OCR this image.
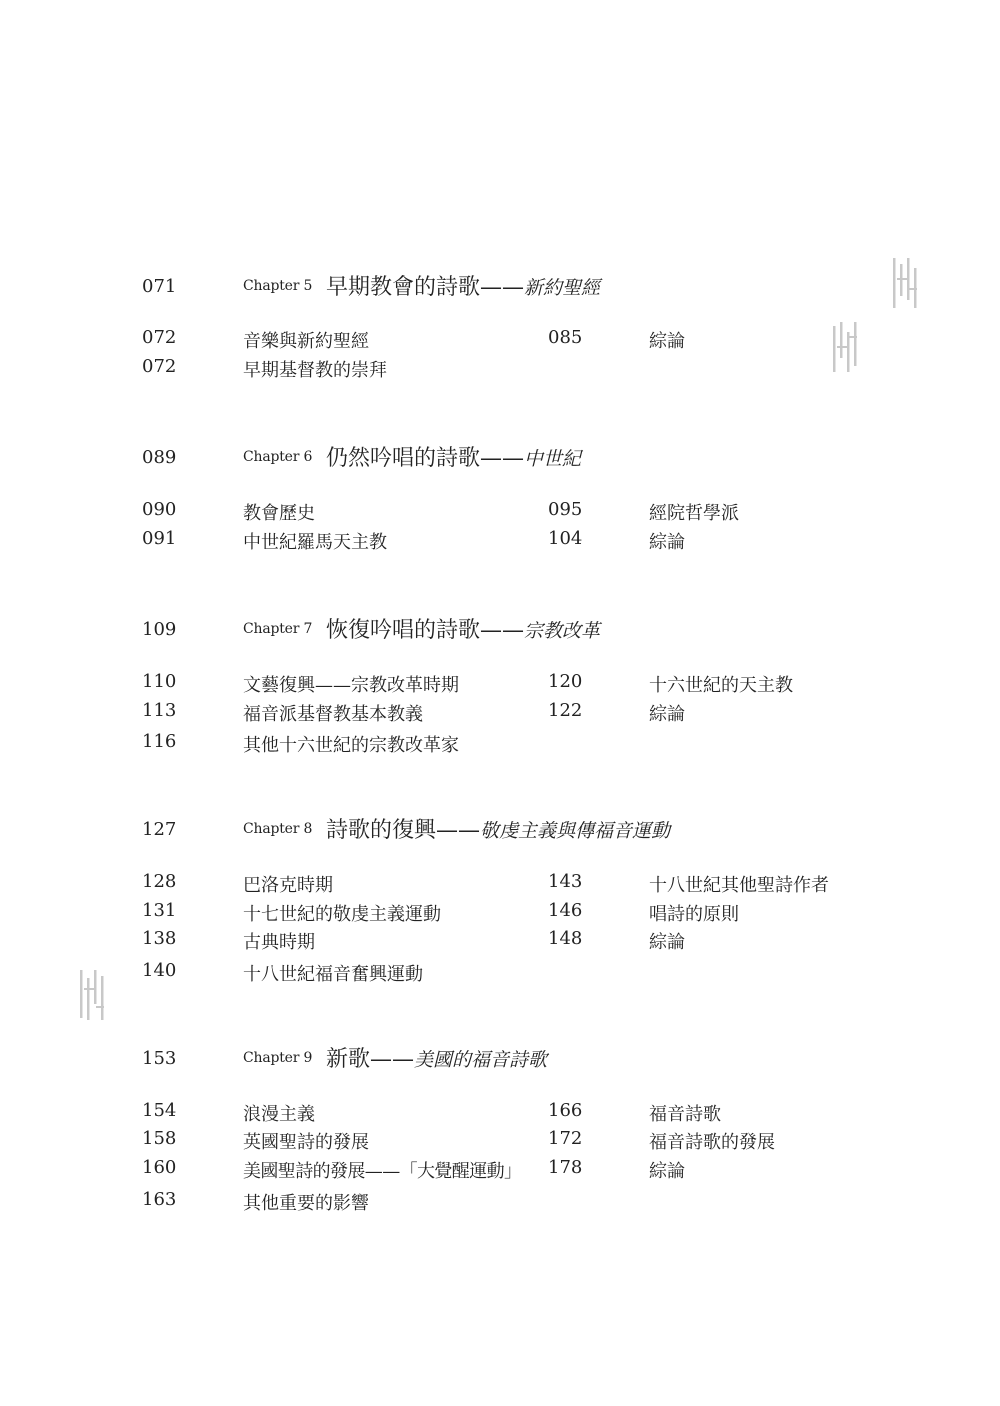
071	Chapter 5 早期教會的詩歌——新約聖經
072	音樂與新約聖經
072	早期基督教的崇拜
085	綜論
089	Chapter 6 仍然吟唱的詩歌——中世紀
090	教會歷史
091	中世紀羅馬天主教
095	經院哲學派
104	綜論
109	Chapter 7 恢復吟唱的詩歌——宗教改革
110	文藝復興——宗教改革時期
113	福音派基督教基本教義
116	其他十六世紀的宗教改革家
120	十六世紀的天主教
122	綜論
127	Chapter 8 詩歌的復興——敬虔主義與傳福音運動
128	巴洛克時期
131	十七世紀的敬虔主義運動
138	古典時期
140	十八世紀福音奮興運動
143	十八世紀其他聖詩作者
146	唱詩的原則
148	綜論
153	Chapter 9 新歌——美國的福音詩歌
154	浪漫主義
158	英國聖詩的發展
160	美國聖詩的發展——「大覺醒運動」
163	其他重要的影響
166	福音詩歌
172	福音詩歌的發展
178	綜論
